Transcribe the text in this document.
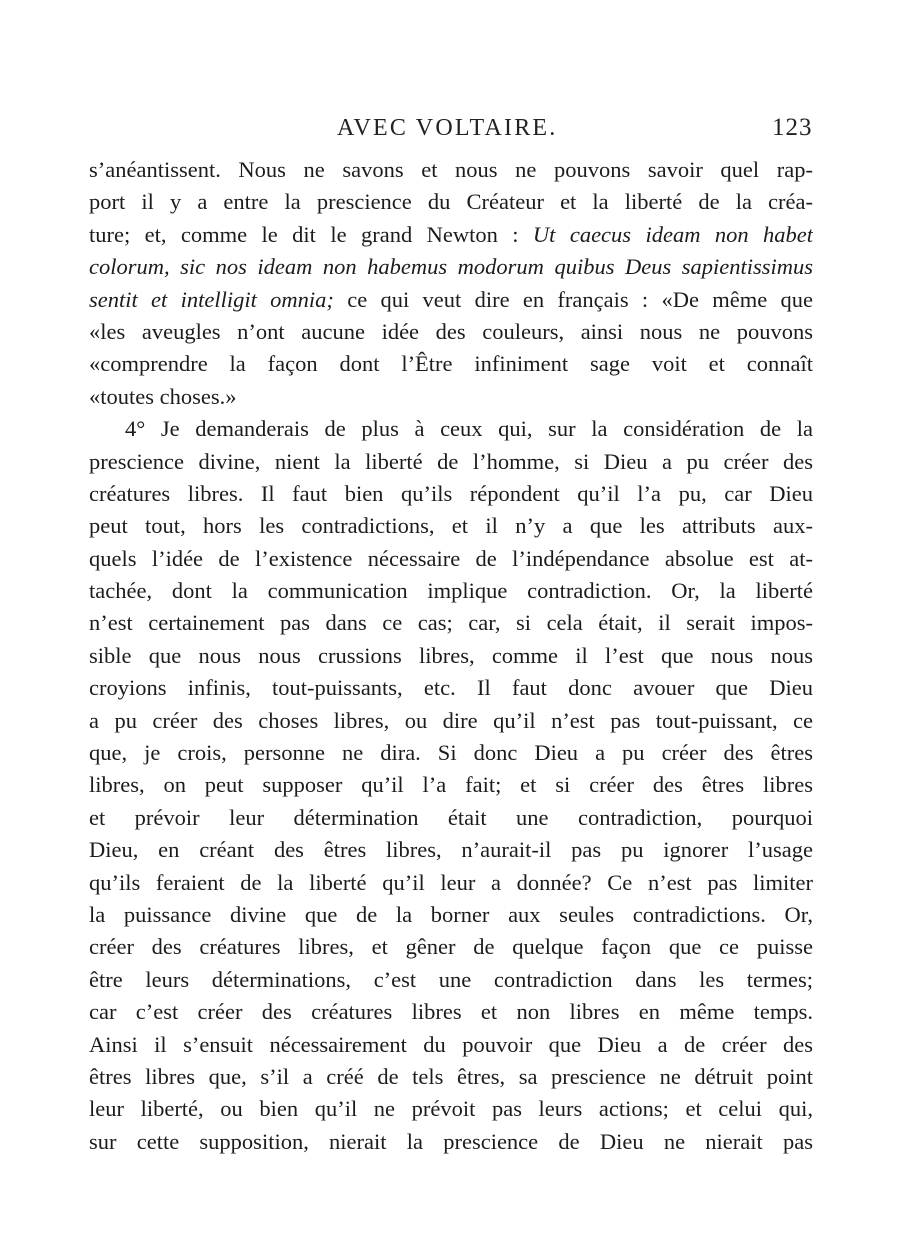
AVEC VOLTAIRE.	123
s’anéantissent. Nous ne savons et nous ne pouvons savoir quel rap-
port il y a entre la prescience du Créateur et la liberté de la créa-
ture; et, comme le dit le grand Newton : Ut caecus ideam non habet
colorum, sic nos ideam non habemus modorum quibus Deus sapientissimus
sentit et intelligit omnia; ce qui veut dire en français : «De même que
«les aveugles n’ont aucune idée des couleurs, ainsi nous ne pouvons
«comprendre la façon dont l’Être infiniment sage voit et connaît
«toutes choses.»
4° Je demanderais de plus à ceux qui, sur la considération de la
prescience divine, nient la liberté de l’homme, si Dieu a pu créer des
créatures libres. Il faut bien qu’ils répondent qu’il l’a pu, car Dieu
peut tout, hors les contradictions, et il n’y a que les attributs aux-
quels l’idée de l’existence nécessaire de l’indépendance absolue est at-
tachée, dont la communication implique contradiction. Or, la liberté
n’est certainement pas dans ce cas; car, si cela était, il serait impos-
sible que nous nous crussions libres, comme il l’est que nous nous
croyions infinis, tout-puissants, etc. Il faut donc avouer que Dieu
a pu créer des choses libres, ou dire qu’il n’est pas tout-puissant, ce
que, je crois, personne ne dira. Si donc Dieu a pu créer des êtres
libres, on peut supposer qu’il l’a fait; et si créer des êtres libres
et prévoir leur détermination était une contradiction, pourquoi
Dieu, en créant des êtres libres, n’aurait-il pas pu ignorer l’usage
qu’ils feraient de la liberté qu’il leur a donnée? Ce n’est pas limiter
la puissance divine que de la borner aux seules contradictions. Or,
créer des créatures libres, et gêner de quelque façon que ce puisse
être leurs déterminations, c’est une contradiction dans les termes;
car c’est créer des créatures libres et non libres en même temps.
Ainsi il s’ensuit nécessairement du pouvoir que Dieu a de créer des
êtres libres que, s’il a créé de tels êtres, sa prescience ne détruit point
leur liberté, ou bien qu’il ne prévoit pas leurs actions; et celui qui,
sur cette supposition, nierait la prescience de Dieu ne nierait pas
